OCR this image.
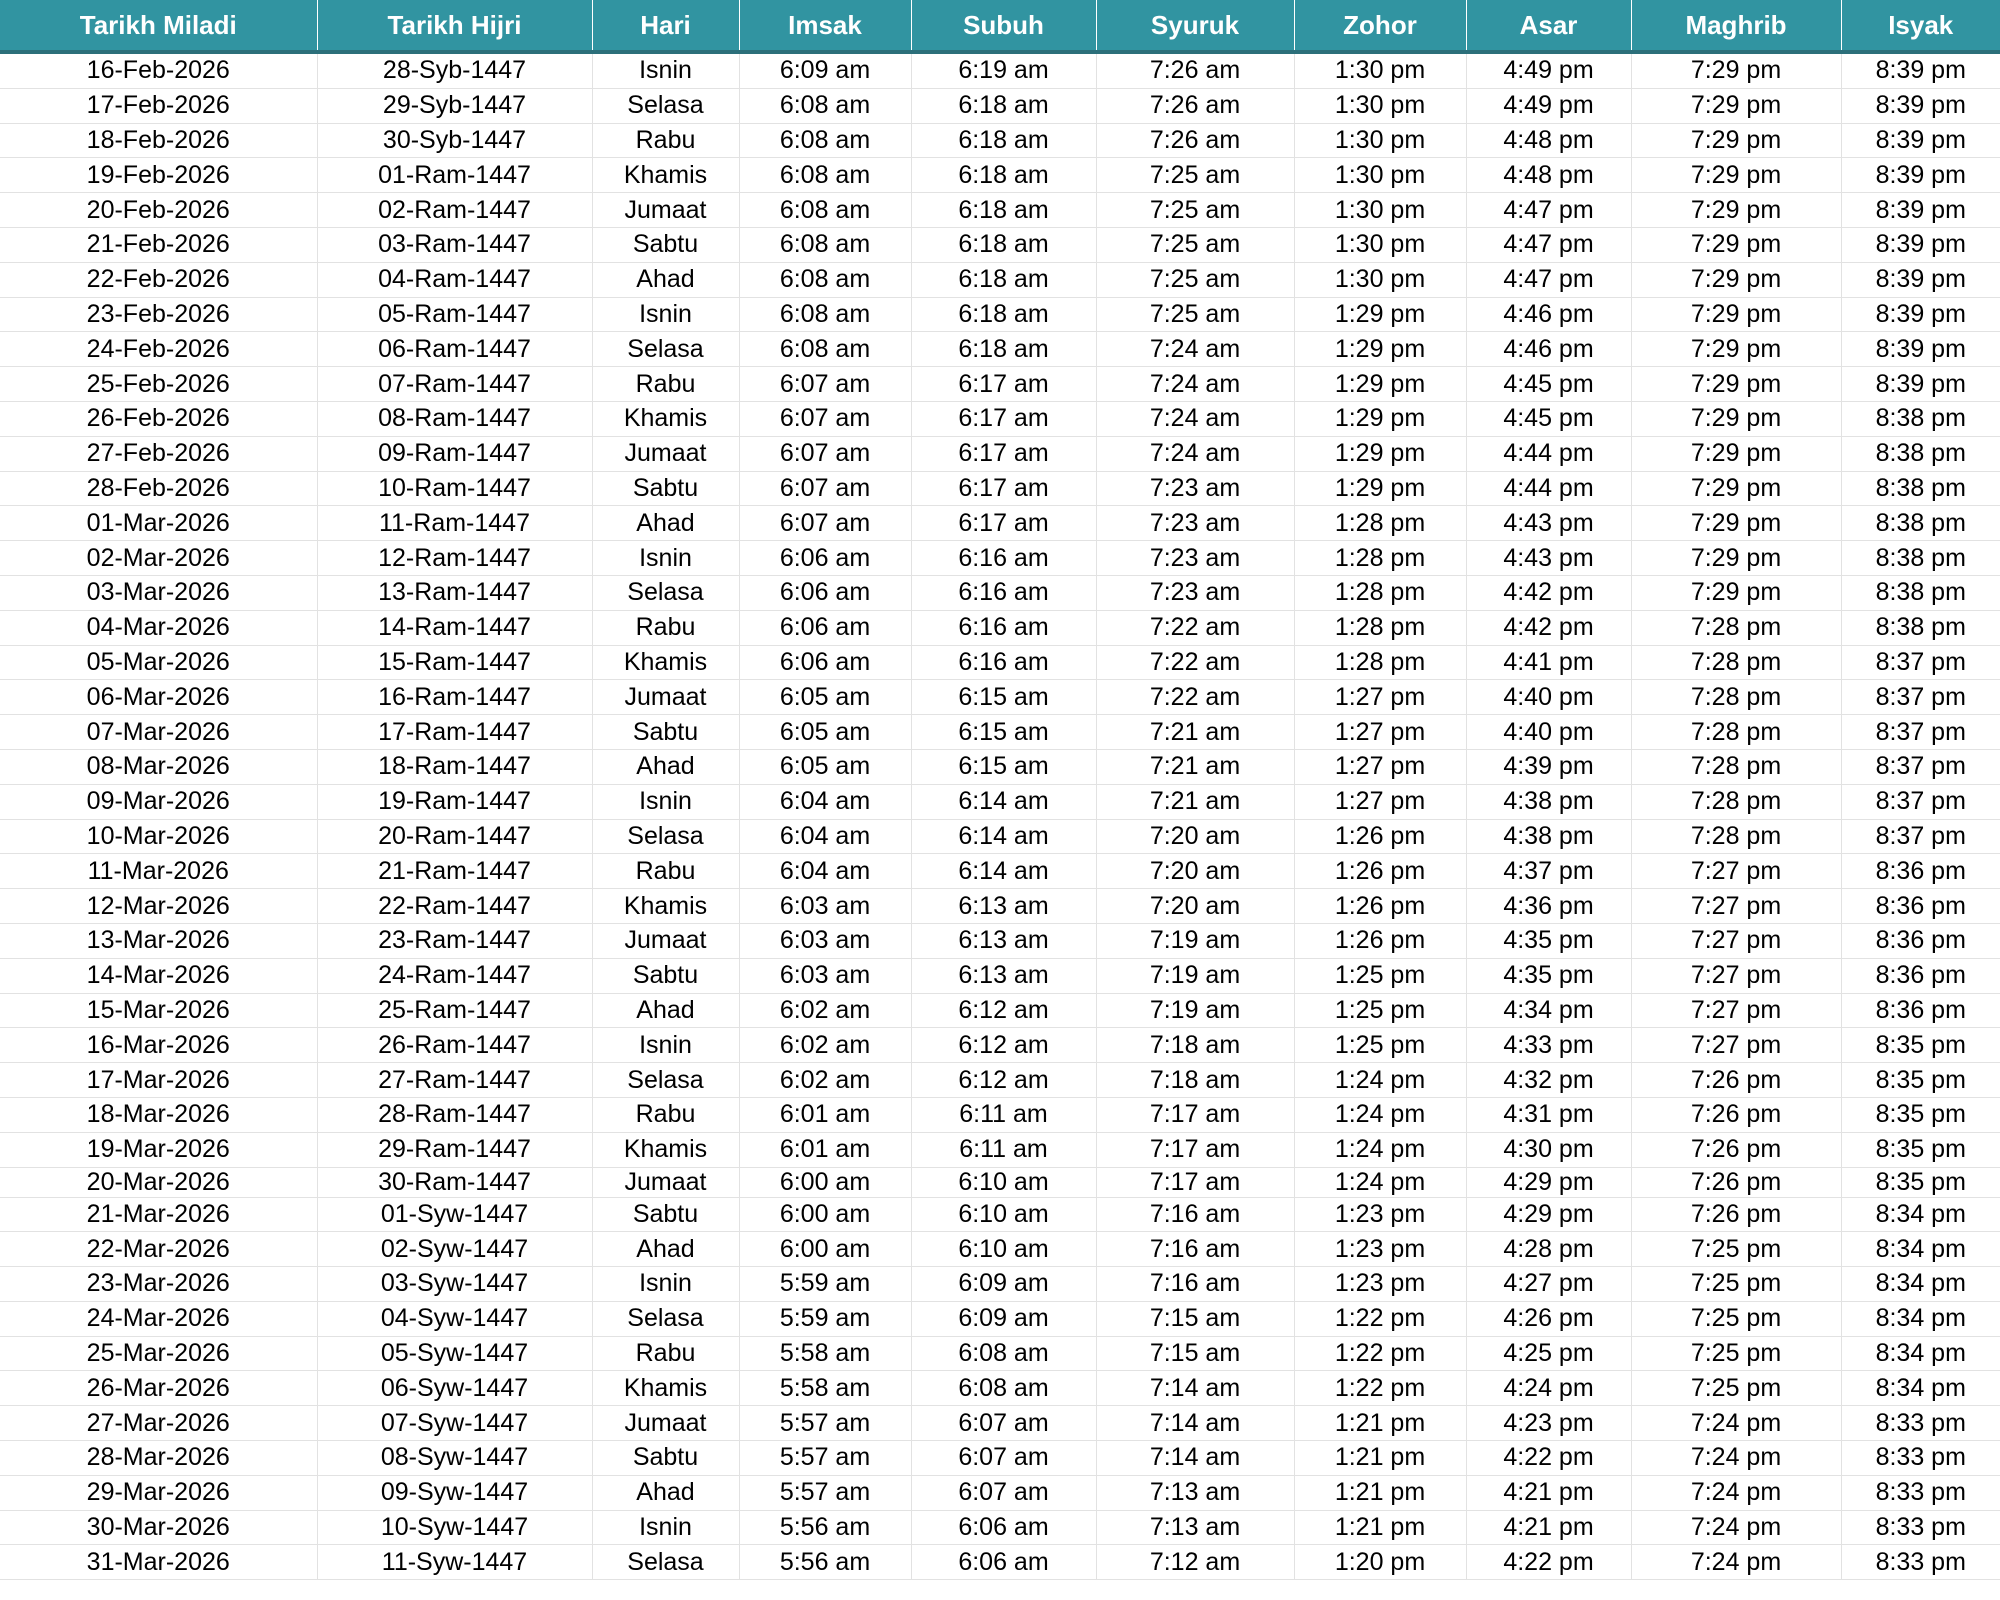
Tarikh Miladi	Tarikh Hijri	Hari	Imsak	Subuh	Syuruk	Zohor	Asar	Maghrib	Isyak
16-Feb-2026	28-Syb-1447	Isnin	6:09 am	6:19 am	7:26 am	1:30 pm	4:49 pm	7:29 pm	8:39 pm
17-Feb-2026	29-Syb-1447	Selasa	6:08 am	6:18 am	7:26 am	1:30 pm	4:49 pm	7:29 pm	8:39 pm
18-Feb-2026	30-Syb-1447	Rabu	6:08 am	6:18 am	7:26 am	1:30 pm	4:48 pm	7:29 pm	8:39 pm
19-Feb-2026	01-Ram-1447	Khamis	6:08 am	6:18 am	7:25 am	1:30 pm	4:48 pm	7:29 pm	8:39 pm
20-Feb-2026	02-Ram-1447	Jumaat	6:08 am	6:18 am	7:25 am	1:30 pm	4:47 pm	7:29 pm	8:39 pm
21-Feb-2026	03-Ram-1447	Sabtu	6:08 am	6:18 am	7:25 am	1:30 pm	4:47 pm	7:29 pm	8:39 pm
22-Feb-2026	04-Ram-1447	Ahad	6:08 am	6:18 am	7:25 am	1:30 pm	4:47 pm	7:29 pm	8:39 pm
23-Feb-2026	05-Ram-1447	Isnin	6:08 am	6:18 am	7:25 am	1:29 pm	4:46 pm	7:29 pm	8:39 pm
24-Feb-2026	06-Ram-1447	Selasa	6:08 am	6:18 am	7:24 am	1:29 pm	4:46 pm	7:29 pm	8:39 pm
25-Feb-2026	07-Ram-1447	Rabu	6:07 am	6:17 am	7:24 am	1:29 pm	4:45 pm	7:29 pm	8:39 pm
26-Feb-2026	08-Ram-1447	Khamis	6:07 am	6:17 am	7:24 am	1:29 pm	4:45 pm	7:29 pm	8:38 pm
27-Feb-2026	09-Ram-1447	Jumaat	6:07 am	6:17 am	7:24 am	1:29 pm	4:44 pm	7:29 pm	8:38 pm
28-Feb-2026	10-Ram-1447	Sabtu	6:07 am	6:17 am	7:23 am	1:29 pm	4:44 pm	7:29 pm	8:38 pm
01-Mar-2026	11-Ram-1447	Ahad	6:07 am	6:17 am	7:23 am	1:28 pm	4:43 pm	7:29 pm	8:38 pm
02-Mar-2026	12-Ram-1447	Isnin	6:06 am	6:16 am	7:23 am	1:28 pm	4:43 pm	7:29 pm	8:38 pm
03-Mar-2026	13-Ram-1447	Selasa	6:06 am	6:16 am	7:23 am	1:28 pm	4:42 pm	7:29 pm	8:38 pm
04-Mar-2026	14-Ram-1447	Rabu	6:06 am	6:16 am	7:22 am	1:28 pm	4:42 pm	7:28 pm	8:38 pm
05-Mar-2026	15-Ram-1447	Khamis	6:06 am	6:16 am	7:22 am	1:28 pm	4:41 pm	7:28 pm	8:37 pm
06-Mar-2026	16-Ram-1447	Jumaat	6:05 am	6:15 am	7:22 am	1:27 pm	4:40 pm	7:28 pm	8:37 pm
07-Mar-2026	17-Ram-1447	Sabtu	6:05 am	6:15 am	7:21 am	1:27 pm	4:40 pm	7:28 pm	8:37 pm
08-Mar-2026	18-Ram-1447	Ahad	6:05 am	6:15 am	7:21 am	1:27 pm	4:39 pm	7:28 pm	8:37 pm
09-Mar-2026	19-Ram-1447	Isnin	6:04 am	6:14 am	7:21 am	1:27 pm	4:38 pm	7:28 pm	8:37 pm
10-Mar-2026	20-Ram-1447	Selasa	6:04 am	6:14 am	7:20 am	1:26 pm	4:38 pm	7:28 pm	8:37 pm
11-Mar-2026	21-Ram-1447	Rabu	6:04 am	6:14 am	7:20 am	1:26 pm	4:37 pm	7:27 pm	8:36 pm
12-Mar-2026	22-Ram-1447	Khamis	6:03 am	6:13 am	7:20 am	1:26 pm	4:36 pm	7:27 pm	8:36 pm
13-Mar-2026	23-Ram-1447	Jumaat	6:03 am	6:13 am	7:19 am	1:26 pm	4:35 pm	7:27 pm	8:36 pm
14-Mar-2026	24-Ram-1447	Sabtu	6:03 am	6:13 am	7:19 am	1:25 pm	4:35 pm	7:27 pm	8:36 pm
15-Mar-2026	25-Ram-1447	Ahad	6:02 am	6:12 am	7:19 am	1:25 pm	4:34 pm	7:27 pm	8:36 pm
16-Mar-2026	26-Ram-1447	Isnin	6:02 am	6:12 am	7:18 am	1:25 pm	4:33 pm	7:27 pm	8:35 pm
17-Mar-2026	27-Ram-1447	Selasa	6:02 am	6:12 am	7:18 am	1:24 pm	4:32 pm	7:26 pm	8:35 pm
18-Mar-2026	28-Ram-1447	Rabu	6:01 am	6:11 am	7:17 am	1:24 pm	4:31 pm	7:26 pm	8:35 pm
19-Mar-2026	29-Ram-1447	Khamis	6:01 am	6:11 am	7:17 am	1:24 pm	4:30 pm	7:26 pm	8:35 pm
20-Mar-2026	30-Ram-1447	Jumaat	6:00 am	6:10 am	7:17 am	1:24 pm	4:29 pm	7:26 pm	8:35 pm
21-Mar-2026	01-Syw-1447	Sabtu	6:00 am	6:10 am	7:16 am	1:23 pm	4:29 pm	7:26 pm	8:34 pm
22-Mar-2026	02-Syw-1447	Ahad	6:00 am	6:10 am	7:16 am	1:23 pm	4:28 pm	7:25 pm	8:34 pm
23-Mar-2026	03-Syw-1447	Isnin	5:59 am	6:09 am	7:16 am	1:23 pm	4:27 pm	7:25 pm	8:34 pm
24-Mar-2026	04-Syw-1447	Selasa	5:59 am	6:09 am	7:15 am	1:22 pm	4:26 pm	7:25 pm	8:34 pm
25-Mar-2026	05-Syw-1447	Rabu	5:58 am	6:08 am	7:15 am	1:22 pm	4:25 pm	7:25 pm	8:34 pm
26-Mar-2026	06-Syw-1447	Khamis	5:58 am	6:08 am	7:14 am	1:22 pm	4:24 pm	7:25 pm	8:34 pm
27-Mar-2026	07-Syw-1447	Jumaat	5:57 am	6:07 am	7:14 am	1:21 pm	4:23 pm	7:24 pm	8:33 pm
28-Mar-2026	08-Syw-1447	Sabtu	5:57 am	6:07 am	7:14 am	1:21 pm	4:22 pm	7:24 pm	8:33 pm
29-Mar-2026	09-Syw-1447	Ahad	5:57 am	6:07 am	7:13 am	1:21 pm	4:21 pm	7:24 pm	8:33 pm
30-Mar-2026	10-Syw-1447	Isnin	5:56 am	6:06 am	7:13 am	1:21 pm	4:21 pm	7:24 pm	8:33 pm
31-Mar-2026	11-Syw-1447	Selasa	5:56 am	6:06 am	7:12 am	1:20 pm	4:22 pm	7:24 pm	8:33 pm
